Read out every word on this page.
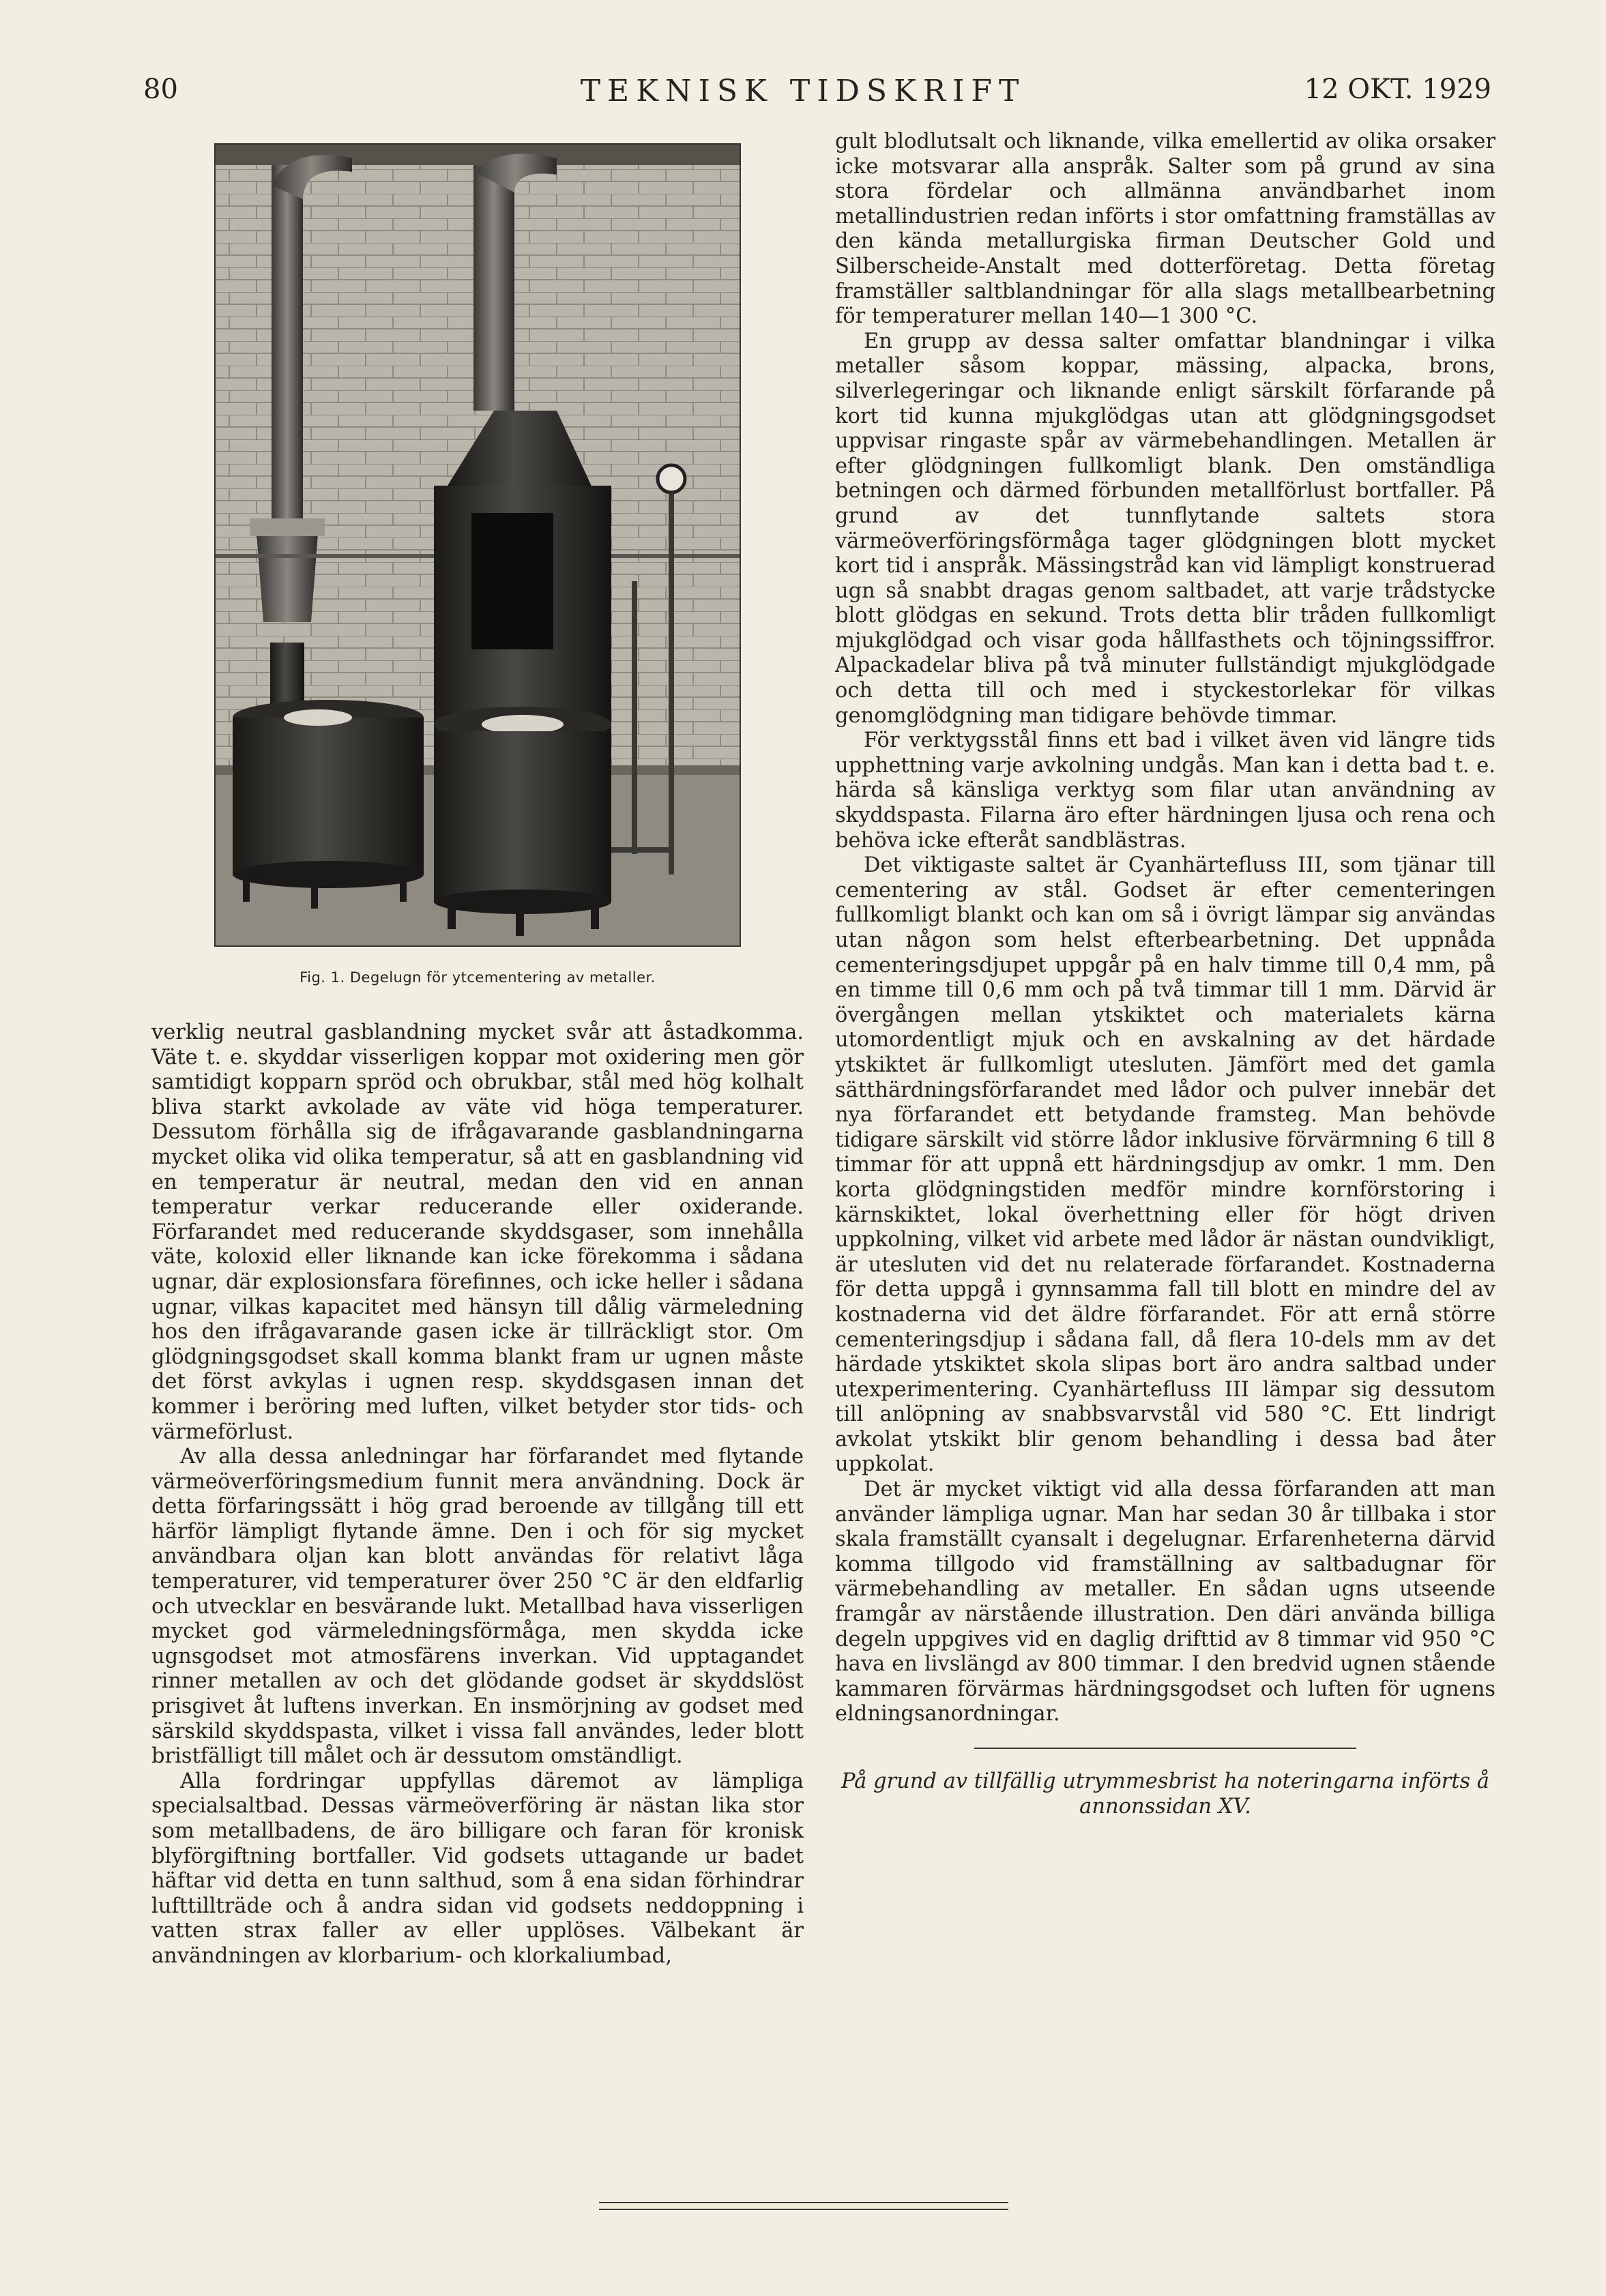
80	TEKNISK TIDSKRIFT	12 OKT. 1929
Fig. 1. Degelugn för ytcementering av metaller.

verklig neutral gasblandning mycket svår att åstadkomma. Väte t. e. skyddar visserligen koppar mot oxidering men gör samtidigt kopparn spröd och obrukbar, stål med hög kolhalt bliva starkt avkolade av väte vid höga temperaturer. Dessutom förhålla sig de ifrågavarande gasblandningarna mycket olika vid olika temperatur, så att en gasblandning vid en temperatur är neutral, medan den vid en annan temperatur verkar reducerande eller oxiderande. Förfarandet med reducerande skyddsgaser, som innehålla väte, koloxid eller liknande kan icke förekomma i sådana ugnar, där explosionsfara förefinnes, och icke heller i sådana ugnar, vilkas kapacitet med hänsyn till dålig värmeledning hos den ifrågavarande gasen icke är tillräckligt stor. Om glödgningsgodset skall komma blankt fram ur ugnen måste det först avkylas i ugnen resp. skyddsgasen innan det kommer i beröring med luften, vilket betyder stor tids- och värmeförlust.

Av alla dessa anledningar har förfarandet med flytande värmeöverföringsmedium funnit mera användning. Dock är detta förfaringssätt i hög grad beroende av tillgång till ett härför lämpligt flytande ämne. Den i och för sig mycket användbara oljan kan blott användas för relativt låga temperaturer, vid temperaturer över 250 °C är den eldfarlig och utvecklar en besvärande lukt. Metallbad hava visserligen mycket god värmeledningsförmåga, men skydda icke ugnsgodset mot atmosfärens inverkan. Vid upptagandet rinner metallen av och det glödande godset är skyddslöst prisgivet åt luftens inverkan. En insmörjning av godset med särskild skyddspasta, vilket i vissa fall användes, leder blott bristfälligt till målet och är dessutom omständligt.

Alla fordringar uppfyllas däremot av lämpliga specialsaltbad. Dessas värmeöverföring är nästan lika stor som metallbadens, de äro billigare och faran för kronisk blyförgiftning bortfaller. Vid godsets uttagande ur badet häftar vid detta en tunn salthud, som å ena sidan förhindrar lufttillträde och å andra sidan vid godsets neddoppning i vatten strax faller av eller upplöses. Välbekant är användningen av klorbarium- och klorkaliumbad,

gult blodlutsalt och liknande, vilka emellertid av olika orsaker icke motsvarar alla anspråk. Salter som på grund av sina stora fördelar och allmänna användbarhet inom metallindustrien redan införts i stor omfattning framställas av den kända metallurgiska firman Deutscher Gold und Silberscheide-Anstalt med dotterföretag. Detta företag framställer saltblandningar för alla slags metallbearbetning för temperaturer mellan 140—1 300 °C.

En grupp av dessa salter omfattar blandningar i vilka metaller såsom koppar, mässing, alpacka, brons, silverlegeringar och liknande enligt särskilt förfarande på kort tid kunna mjukglödgas utan att glödgningsgodset uppvisar ringaste spår av värmebehandlingen. Metallen är efter glödgningen fullkomligt blank. Den omständliga betningen och därmed förbunden metallförlust bortfaller. På grund av det tunnflytande saltets stora värmeöverföringsförmåga tager glödgningen blott mycket kort tid i anspråk. Mässingstråd kan vid lämpligt konstruerad ugn så snabbt dragas genom saltbadet, att varje trådstycke blott glödgas en sekund. Trots detta blir tråden fullkomligt mjukglödgad och visar goda hållfasthets och töjningssiffror. Alpackadelar bliva på två minuter fullständigt mjukglödgade och detta till och med i styckestorlekar för vilkas genomglödgning man tidigare behövde timmar.

För verktygsstål finns ett bad i vilket även vid längre tids upphettning varje avkolning undgås. Man kan i detta bad t. e. härda så känsliga verktyg som filar utan användning av skyddspasta. Filarna äro efter härdningen ljusa och rena och behöva icke efteråt sandblästras.

Det viktigaste saltet är Cyanhärtefluss III, som tjänar till cementering av stål. Godset är efter cementeringen fullkomligt blankt och kan om så i övrigt lämpar sig användas utan någon som helst efterbearbetning. Det uppnåda cementeringsdjupet uppgår på en halv timme till 0,4 mm, på en timme till 0,6 mm och på två timmar till 1 mm. Därvid är övergången mellan ytskiktet och materialets kärna utomordentligt mjuk och en avskalning av det härdade ytskiktet är fullkomligt utesluten. Jämfört med det gamla sätthärdningsförfarandet med lådor och pulver innebär det nya förfarandet ett betydande framsteg. Man behövde tidigare särskilt vid större lådor inklusive förvärmning 6 till 8 timmar för att uppnå ett härdningsdjup av omkr. 1 mm. Den korta glödgningstiden medför mindre kornförstoring i kärnskiktet, lokal överhettning eller för högt driven uppkolning, vilket vid arbete med lådor är nästan oundvikligt, är utesluten vid det nu relaterade förfarandet. Kostnaderna för detta uppgå i gynnsamma fall till blott en mindre del av kostnaderna vid det äldre förfarandet. För att ernå större cementeringsdjup i sådana fall, då flera 10-dels mm av det härdade ytskiktet skola slipas bort äro andra saltbad under utexperimentering. Cyanhärtefluss III lämpar sig dessutom till anlöpning av snabbsvarvstål vid 580 °C. Ett lindrigt avkolat ytskikt blir genom behandling i dessa bad åter uppkolat.

Det är mycket viktigt vid alla dessa förfaranden att man använder lämpliga ugnar. Man har sedan 30 år tillbaka i stor skala framställt cyansalt i degelugnar. Erfarenheterna därvid komma tillgodo vid framställning av saltbadugnar för värmebehandling av metaller. En sådan ugns utseende framgår av närstående illustration. Den däri använda billiga degeln uppgives vid en daglig drifttid av 8 timmar vid 950 °C hava en livslängd av 800 timmar. I den bredvid ugnen stående kammaren förvärmas härdningsgodset och luften för ugnens eldningsanordningar.

På grund av tillfällig utrymmesbrist ha noteringarna införts å annonssidan XV.
